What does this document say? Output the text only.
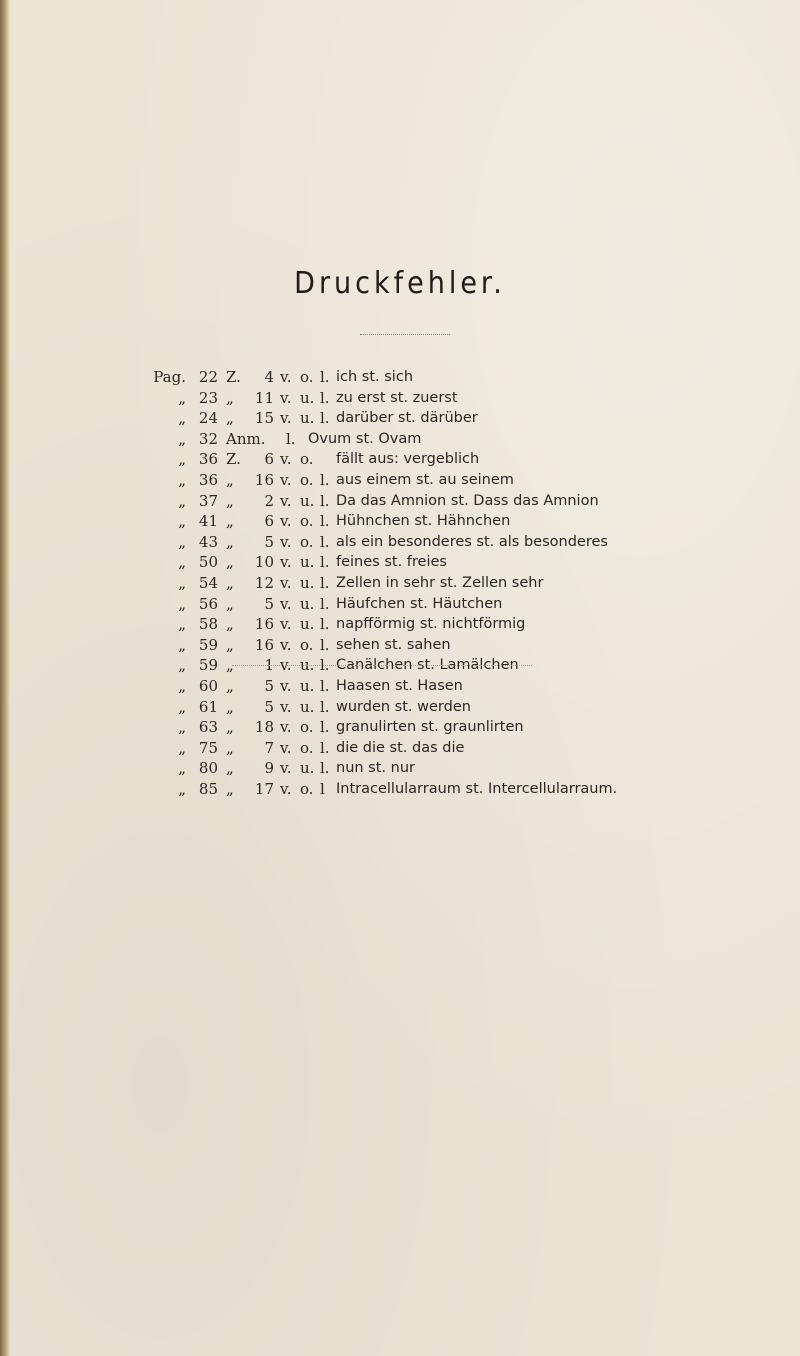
Druckfehler.
Pag. 22 Z.	4 v. o. l. ich st. sich
„ 23 „	11 v. u. l. zu erst st. zuerst
„ 24 „	15 v. u. l. darüber st. därüber
„ 32 Anm. l. Ovum st. Ovam
„ 36 Z.	6 v. o. fällt aus: vergeblich
„ 36 „	16 v. o. l. aus einem st. au seinem
„ 37 „	2 v. u. l. Da das Amnion st. Dass das Amnion
„ 41 „	6 v. o. l. Hühnchen st. Hähnchen
„ 43 „	5 v. o. l. als ein besonderes st. als besonderes
„ 50 „	10 v. u. l. feines st. freies
„ 54 „	12 v. u. l. Zellen in sehr st. Zellen sehr
„ 56 „	5 v. u. l. Häufchen st. Häutchen
„ 58 „	16 v. u. l. napfförmig st. nichtförmig
„ 59 „	16 v. o. l. sehen st. sahen
„ 59 „	1 v. u. l. Canälchen st. Lamälchen
„ 60 „	5 v. u. l. Haasen st. Hasen
„ 61 „	5 v. u. l. wurden st. werden
„ 63 „	18 v. o. l. granulirten st. graunlirten
„ 75 „	7 v. o. l. die die st. das die
„ 80 „	9 v. u. l. nun st. nur
„ 85 „	17 v. o. l Intracellularraum st. Intercellularraum.
